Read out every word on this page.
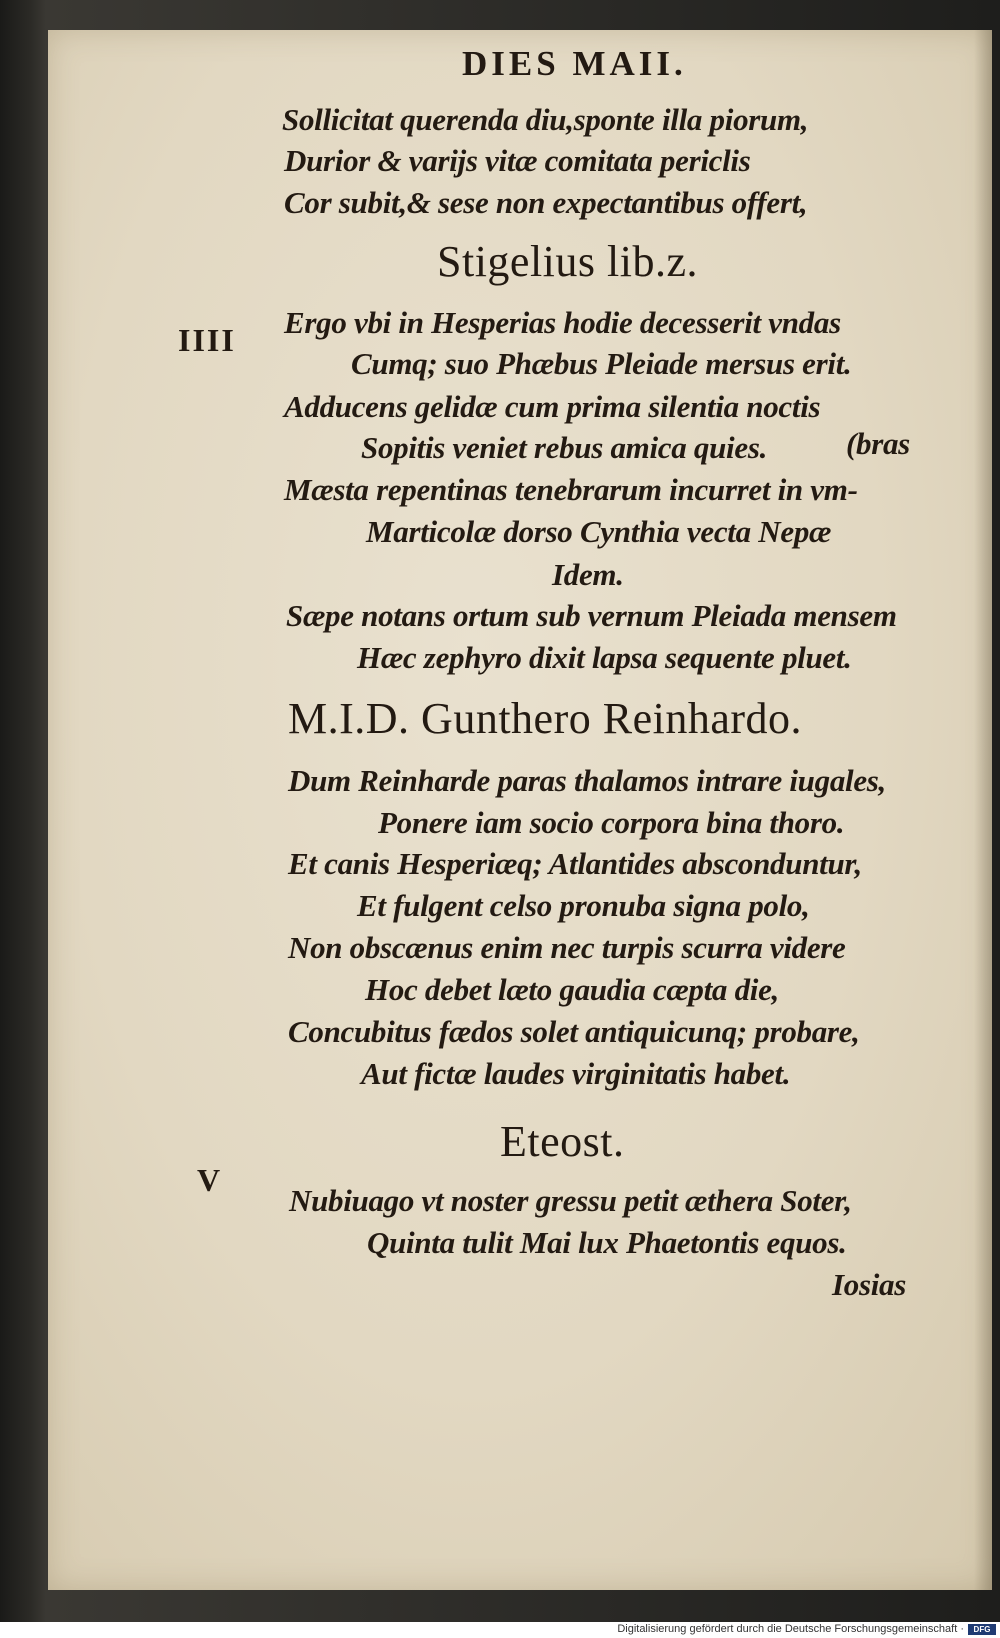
DIES MAII.
IIII
V
Sollicitat querenda diu,sponte illa piorum,
Durior & varijs vitæ comitata periclis
Cor subit,& sese non expectantibus offert,
Stigelius lib.z.
Ergo vbi in Hesperias hodie decesserit vndas
Cumq; suo Phæbus Pleiade mersus erit.
Adducens gelidæ cum prima silentia noctis
Sopitis veniet rebus amica quies.	(bras
Mæsta repentinas tenebrarum incurret in vm-
Marticolæ dorso Cynthia vecta Nepæ
Idem.
Sæpe notans ortum sub vernum Pleiada mensem
Hæc zephyro dixit lapsa sequente pluet.
M.I.D. Gunthero Reinhardo.
Dum Reinharde paras thalamos intrare iugales,
Ponere iam socio corpora bina thoro.
Et canis Hesperiæq; Atlantides absconduntur,
Et fulgent celso pronuba signa polo,
Non obscænus enim nec turpis scurra videre
Hoc debet læto gaudia cæpta die,
Concubitus fædos solet antiquicunq; probare,
Aut fictæ laudes virginitatis habet.
Eteost.
Nubiuago vt noster gressu petit æthera Soter,
Quinta tulit Mai lux Phaetontis equos.
Iosias
Digitalisierung gefördert durch die Deutsche Forschungsgemeinschaft ·	DFG
